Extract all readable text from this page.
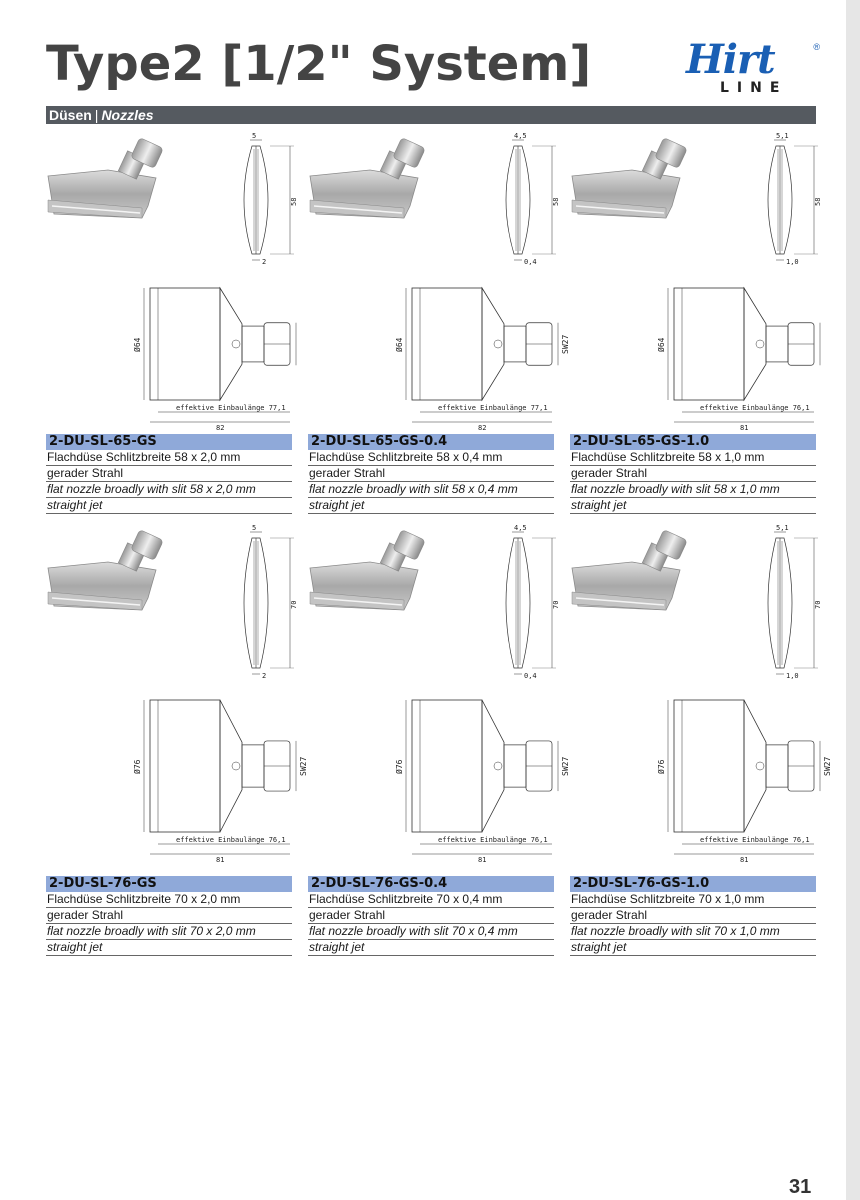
Type2 [1/2" System] Hirt	®
LINE
Düsen | Nozzles
58
5
2
Ø64
effektive Einbaulänge 77,1
82
2-DU-SL-65-GS
Flachdüse Schlitzbreite 58 x 2,0 mm
gerader Strahl
flat nozzle broadly with slit 58 x 2,0 mm
straight jet
58
4,5
0,4
Ø64	SW27
effektive Einbaulänge 77,1
82
2-DU-SL-65-GS-0.4
Flachdüse Schlitzbreite 58 x 0,4 mm
gerader Strahl
flat nozzle broadly with slit 58 x 0,4 mm
straight jet
58
5,1
1,0
Ø64
effektive Einbaulänge 76,1
81
2-DU-SL-65-GS-1.0
Flachdüse Schlitzbreite 58 x 1,0 mm
gerader Strahl
flat nozzle broadly with slit 58 x 1,0 mm
straight jet
70
5
2
Ø76	SW27
effektive Einbaulänge 76,1
81
2-DU-SL-76-GS
Flachdüse Schlitzbreite 70 x 2,0 mm
gerader Strahl
flat nozzle broadly with slit 70 x 2,0 mm
straight jet
70
4,5
0,4
Ø76	SW27
effektive Einbaulänge 76,1
81
2-DU-SL-76-GS-0.4
Flachdüse Schlitzbreite 70 x 0,4 mm
gerader Strahl
flat nozzle broadly with slit 70 x 0,4 mm
straight jet
70
5,1
1,0
Ø76	SW27
effektive Einbaulänge 76,1
81
2-DU-SL-76-GS-1.0
Flachdüse Schlitzbreite 70 x 1,0 mm
gerader Strahl
flat nozzle broadly with slit 70 x 1,0 mm
straight jet
31
